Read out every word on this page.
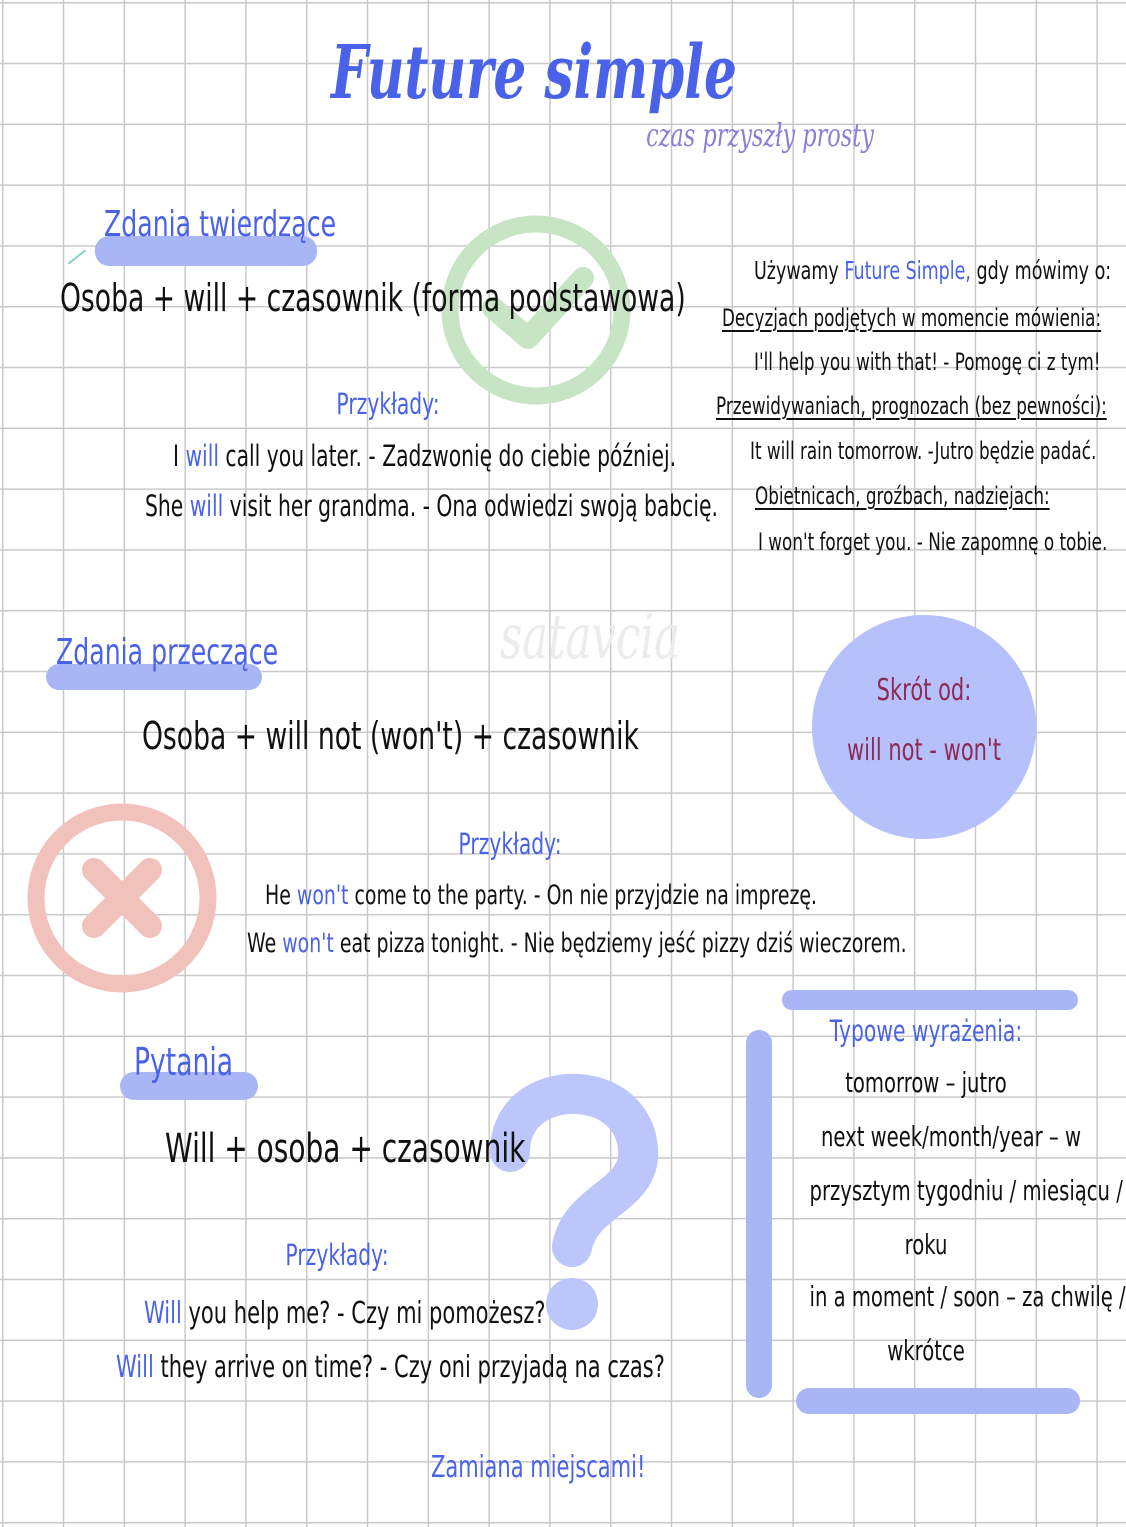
Future simple
czas przyszły prosty
satavcia
Skrót od:
will not - won't
Zdania twierdzące
Osoba + will + czasownik (forma podstawowa)
Przykłady:
I will call you later. - Zadzwonię do ciebie później.
She will visit her grandma. - Ona odwiedzi swoją babcię.
Używamy Future Simple, gdy mówimy o:
Decyzjach podjętych w momencie mówienia:
I'll help you with that! - Pomogę ci z tym!
Przewidywaniach, prognozach (bez pewności):
It will rain tomorrow. -Jutro będzie padać.
Obietnicach, groźbach, nadziejach:
I won't forget you. - Nie zapomnę o tobie.
Zdania przeczące
Osoba + will not (won't) + czasownik
Przykłady:
He won't come to the party. - On nie przyjdzie na imprezę.
We won't eat pizza tonight. - Nie będziemy jeść pizzy dziś wieczorem.
Pytania
Will + osoba + czasownik
Przykłady:
Will you help me? - Czy mi pomożesz?
Will they arrive on time? - Czy oni przyjadą na czas?
Zamiana miejscami!
Typowe wyrażenia:
tomorrow – jutro
next week/month/year – w
przysztym tygodniu / miesiącu /
roku
in a moment / soon – za chwilę /
wkrótce
